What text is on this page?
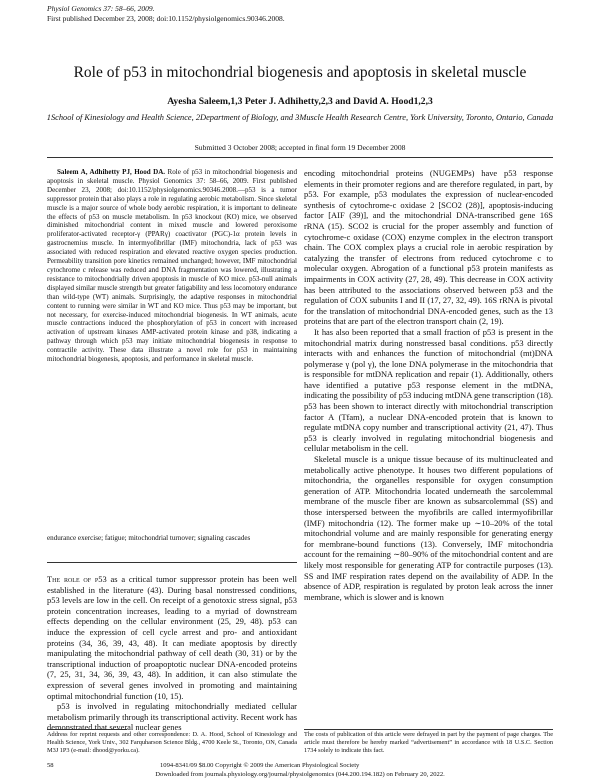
Physiol Genomics 37: 58–66, 2009.
First published December 23, 2008; doi:10.1152/physiolgenomics.90346.2008.
Role of p53 in mitochondrial biogenesis and apoptosis in skeletal muscle
Ayesha Saleem,1,3 Peter J. Adhihetty,2,3 and David A. Hood1,2,3
1School of Kinesiology and Health Science, 2Department of Biology, and 3Muscle Health Research Centre, York University, Toronto, Ontario, Canada
Submitted 3 October 2008; accepted in final form 19 December 2008

Saleem A, Adhihetty PJ, Hood DA. Role of p53 in mitochondrial biogenesis and apoptosis in skeletal muscle. Physiol Genomics 37: 58–66, 2009. First published December 23, 2008; doi:10.1152/physiolgenomics.90346.2008.—p53 is a tumor suppressor protein that also plays a role in regulating aerobic metabolism. Since skeletal muscle is a major source of whole body aerobic respiration, it is important to delineate the effects of p53 on muscle metabolism. In p53 knockout (KO) mice, we observed diminished mitochondrial content in mixed muscle and lowered peroxisome proliferator-activated receptor-γ (PPARγ) coactivator (PGC)-1α protein levels in gastrocnemius muscle. In intermyofibrillar (IMF) mitochondria, lack of p53 was associated with reduced respiration and elevated reactive oxygen species production. Permeability transition pore kinetics remained unchanged; however, IMF mitochondrial cytochrome c release was reduced and DNA fragmentation was lowered, illustrating a resistance to mitochondrially driven apoptosis in muscle of KO mice. p53-null animals displayed similar muscle strength but greater fatigability and less locomotory endurance than wild-type (WT) animals. Surprisingly, the adaptive responses in mitochondrial content to running were similar in WT and KO mice. Thus p53 may be important, but not necessary, for exercise-induced mitochondrial biogenesis. In WT animals, acute muscle contractions induced the phosphorylation of p53 in concert with increased activation of upstream kinases AMP-activated protein kinase and p38, indicating a pathway through which p53 may initiate mitochondrial biogenesis in response to contractile activity. These data illustrate a novel role for p53 in maintaining mitochondrial biogenesis, apoptosis, and performance in skeletal muscle.

endurance exercise; fatigue; mitochondrial turnover; signaling cascades

The role of p53 as a critical tumor suppressor protein has been well established in the literature (43). During basal nonstressed conditions, p53 levels are low in the cell. On receipt of a genotoxic stress signal, p53 protein concentration increases, leading to a myriad of downstream effects depending on the cellular environment (25, 29, 48). p53 can induce the expression of cell cycle arrest and pro- and antioxidant proteins (34, 36, 39, 43, 48). It can mediate apoptosis by directly manipulating the mitochondrial pathway of cell death (30, 31) or by the transcriptional induction of proapoptotic nuclear DNA-encoded proteins (7, 25, 31, 34, 36, 39, 43, 48). In addition, it can also stimulate the expression of several genes involved in promoting and maintaining optimal mitochondrial function (10, 15).

p53 is involved in regulating mitochondrially mediated cellular metabolism primarily through its transcriptional activity. Recent work has demonstrated that several nuclear genes

encoding mitochondrial proteins (NUGEMPs) have p53 response elements in their promoter regions and are therefore regulated, in part, by p53. For example, p53 modulates the expression of nuclear-encoded synthesis of cytochrome-c oxidase 2 [SCO2 (28)], apoptosis-inducing factor [AIF (39)], and the mitochondrial DNA-transcribed gene 16S rRNA (15). SCO2 is crucial for the proper assembly and function of cytochrome-c oxidase (COX) enzyme complex in the electron transport chain. The COX complex plays a crucial role in aerobic respiration by catalyzing the transfer of electrons from reduced cytochrome c to molecular oxygen. Abrogation of a functional p53 protein manifests as impairments in COX activity (27, 28, 49). This decrease in COX activity has been attributed to the associations observed between p53 and the regulation of COX subunits I and II (17, 27, 32, 49). 16S rRNA is pivotal for the translation of mitochondrial DNA-encoded genes, such as the 13 proteins that are part of the electron transport chain (2, 19).

It has also been reported that a small fraction of p53 is present in the mitochondrial matrix during nonstressed basal conditions. p53 directly interacts with and enhances the function of mitochondrial (mt)DNA polymerase γ (pol γ), the lone DNA polymerase in the mitochondria that is responsible for mtDNA replication and repair (1). Additionally, others have identified a putative p53 response element in the mtDNA, indicating the possibility of p53 inducing mtDNA gene transcription (18). p53 has been shown to interact directly with mitochondrial transcription factor A (Tfam), a nuclear DNA-encoded protein that is known to regulate mtDNA copy number and transcriptional activity (21, 47). Thus p53 is clearly involved in regulating mitochondrial biogenesis and cellular metabolism in the cell.

Skeletal muscle is a unique tissue because of its multinucleated and metabolically active phenotype. It houses two different populations of mitochondria, the organelles responsible for oxygen consumption generation of ATP. Mitochondria located underneath the sarcolemmal membrane of the muscle fiber are known as subsarcolemmal (SS) and those interspersed between the myofibrils are called intermyofibrillar (IMF) mitochondria (12). The former make up ∼10–20% of the total mitochondrial volume and are mainly responsible for generating energy for membrane-bound functions (13). Conversely, IMF mitochondria account for the remaining ∼80–90% of the mitochondrial content and are likely most responsible for generating ATP for contractile purposes (13). SS and IMF respiration rates depend on the availability of ADP. In the absence of ADP, respiration is regulated by proton leak across the inner membrane, which is slower and is known

Address for reprint requests and other correspondence: D. A. Hood, School of Kinesiology and Health Science, York Univ., 302 Farquharson Science Bldg., 4700 Keele St., Toronto, ON, Canada M3J 1P3 (e-mail: dhood@yorku.ca).
The costs of publication of this article were defrayed in part by the payment of page charges. The article must therefore be hereby marked “advertisement” in accordance with 18 U.S.C. Section 1734 solely to indicate this fact.
58	1094-8341/09 $8.00 Copyright © 2009 the American Physiological Society
Downloaded from journals.physiology.org/journal/physiolgenomics (044.200.194.182) on February 20, 2022.
